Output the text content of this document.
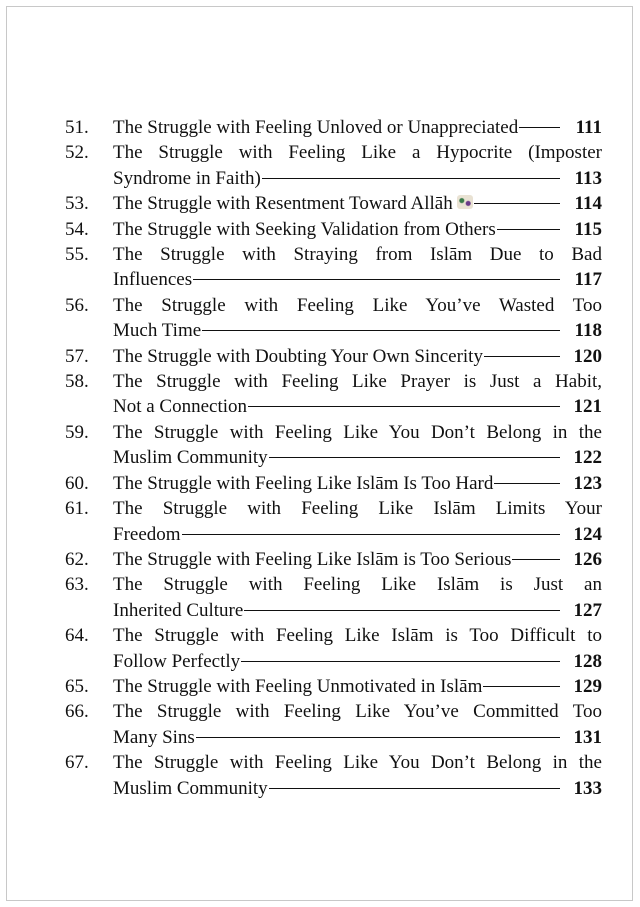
51.	The Struggle with Feeling Unloved or Unappreciated	111
52.	The Struggle with Feeling Like a Hypocrite (Imposter
Syndrome in Faith)	113
53.	The Struggle with Resentment Toward Allāh	114
54.	The Struggle with Seeking Validation from Others	115
55.	The Struggle with Straying from Islām Due to Bad
Influences	117
56.	The Struggle with Feeling Like You’ve Wasted Too
Much Time	118
57.	The Struggle with Doubting Your Own Sincerity	120
58.	The Struggle with Feeling Like Prayer is Just a Habit,
Not a Connection	121
59.	The Struggle with Feeling Like You Don’t Belong in the
Muslim Community	122
60.	The Struggle with Feeling Like Islām Is Too Hard	123
61.	The Struggle with Feeling Like Islām Limits Your
Freedom	124
62.	The Struggle with Feeling Like Islām is Too Serious	126
63.	The Struggle with Feeling Like Islām is Just an
Inherited Culture	127
64.	The Struggle with Feeling Like Islām is Too Difficult to
Follow Perfectly	128
65.	The Struggle with Feeling Unmotivated in Islām	129
66.	The Struggle with Feeling Like You’ve Committed Too
Many Sins	131
67.	The Struggle with Feeling Like You Don’t Belong in the
Muslim Community	133
